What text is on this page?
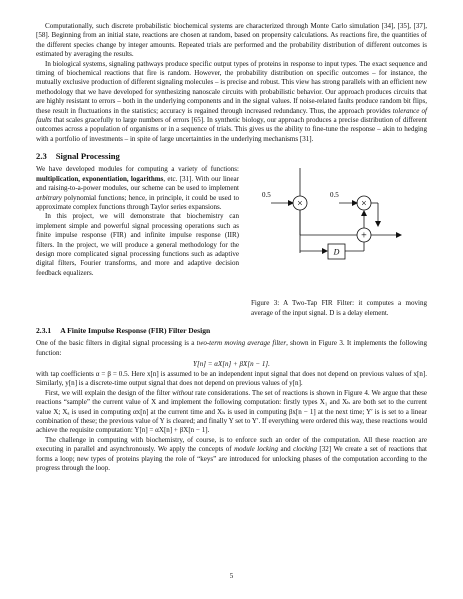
Computationally, such discrete probabilistic biochemical systems are characterized through Monte Carlo simulation [34], [35], [37], [58]. Beginning from an initial state, reactions are chosen at random, based on propensity calculations. As reactions fire, the quantities of the different species change by integer amounts. Repeated trials are performed and the probability distribution of different outcomes is estimated by averaging the results.

In biological systems, signaling pathways produce specific output types of proteins in response to input types. The exact sequence and timing of biochemical reactions that fire is random. However, the probability distribution on specific outcomes – for instance, the mutually exclusive production of different signaling molecules – is precise and robust. This view has strong parallels with an efficient new methodology that we have developed for synthesizing nanoscale circuits with probabilistic behavior. Our approach produces circuits that are highly resistant to errors – both in the underlying components and in the signal values. If noise-related faults produce random bit flips, these result in fluctuations in the statistics; accuracy is regained through increased redundancy. Thus, the approach provides tolerance of faults that scales gracefully to large numbers of errors [65]. In synthetic biology, our approach produces a precise distribution of different outcomes across a population of organisms or in a sequence of trials. This gives us the ability to fine-tune the response – akin to hedging with a portfolio of investments – in spite of large uncertainties in the underlying mechanisms [31].

2.3 Signal Processing

We have developed modules for computing a variety of functions: multiplication, exponentiation, logarithms, etc. [31]. With our linear and raising-to-a-power modules, our scheme can be used to implement arbitrary polynomial functions; hence, in principle, it could be used to approximate complex functions through Taylor series expansions.

In this project, we will demonstrate that biochemistry can implement simple and powerful signal processing operations such as finite impulse response (FIR) and infinite impulse response (IIR) filters. In the project, we will produce a general methodology for the design more complicated signal processing functions such as adaptive digital filters, Fourier transforms, and more and adaptive decision feedback equalizers.

0.5
×
D
×
0.5
+
Figure 3: A Two-Tap FIR Filter: it computes a moving average of the input signal. D is a delay element.
2.3.1 A Finite Impulse Response (FIR) Filter Design

One of the basic filters in digital signal processing is a two-term moving average filter, shown in Figure 3. It implements the following function:

Y[n] = αX[n] + βX[n − 1].

with tap coefficients α = β = 0.5. Here x[n] is assumed to be an independent input signal that does not depend on previous values of x[n]. Similarly, y[n] is a discrete-time output signal that does not depend on previous values of y[n].

First, we will explain the design of the filter without rate considerations. The set of reactions is shown in Figure 4. We argue that these reactions “sample” the current value of X and implement the following computation: firstly types X₁ and Xₕ are both set to the current value X; Xₐ is used in computing αx[n] at the current time and Xₕ is used in computing βx[n − 1] at the next time; Y′ is is set to a linear combination of these; the previous value of Y is cleared; and finally Y set to Y′. If everything were ordered this way, these reactions would achieve the requisite computation: Y[n] = αX[n] + βX[n − 1].

The challenge in computing with biochemistry, of course, is to enforce such an order of the computation. All these reaction are executing in parallel and asynchronously. We apply the concepts of module locking and clocking [32] We create a set of reactions that forms a loop; new types of proteins playing the role of “keys” are introduced for unlocking phases of the computation according to the progress through the loop.

5
